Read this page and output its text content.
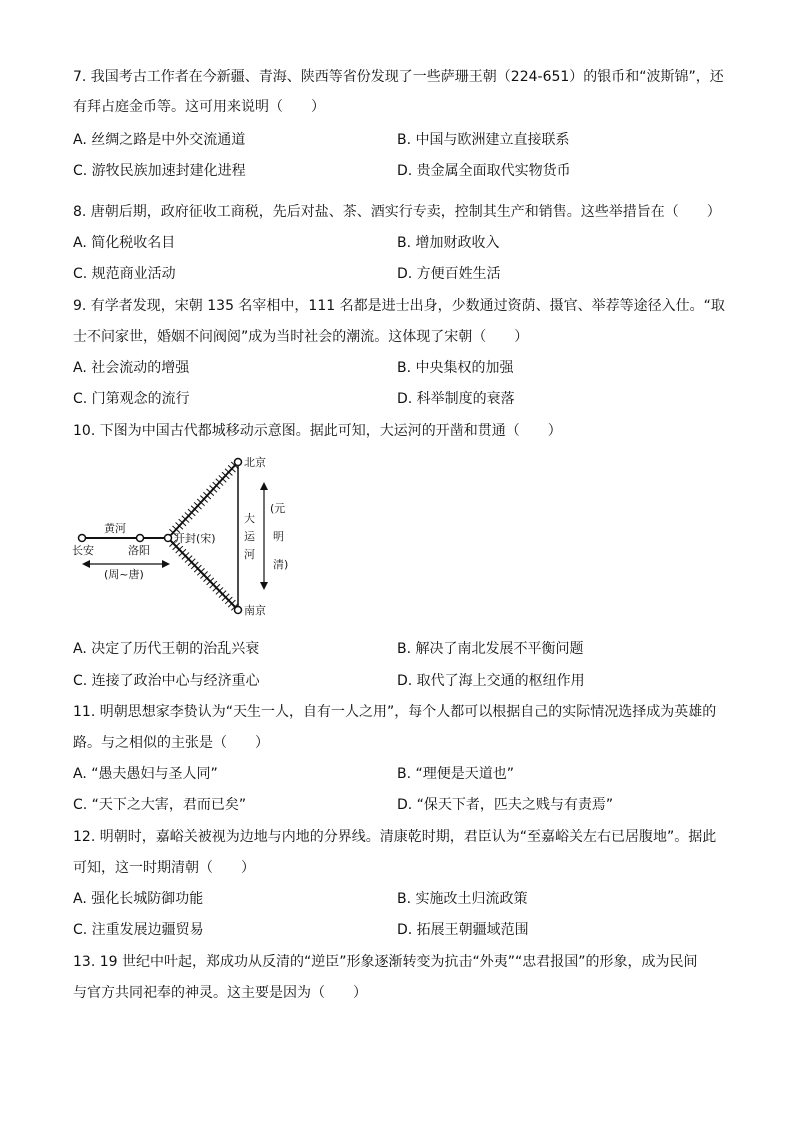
7. 我国考古工作者在今新疆、青海、陕西等省份发现了一些萨珊王朝（224-651）的银币和“波斯锦”，还
有拜占庭金币等。这可用来说明（　　）
A. 丝绸之路是中外交流通道	B. 中国与欧洲建立直接联系
C. 游牧民族加速封建化进程	D. 贵金属全面取代实物货币
8. 唐朝后期，政府征收工商税，先后对盐、茶、酒实行专卖，控制其生产和销售。这些举措旨在（　　）
A. 简化税收名目	B. 增加财政收入
C. 规范商业活动	D. 方便百姓生活
9. 有学者发现，宋朝 135 名宰相中，111 名都是进士出身，少数通过资荫、摄官、举荐等途径入仕。“取
士不问家世，婚姻不问阀阅”成为当时社会的潮流。这体现了宋朝（　　）
A. 社会流动的增强	B. 中央集权的加强
C. 门第观念的流行	D. 科举制度的衰落
10. 下图为中国古代都城移动示意图。据此可知，大运河的开凿和贯通（　　）
北京
南京
开封(宋)
长安	洛阳
黄河
(周~唐)
大
运
河
(元
明
清)
A. 决定了历代王朝的治乱兴衰	B. 解决了南北发展不平衡问题
C. 连接了政治中心与经济重心	D. 取代了海上交通的枢纽作用
11. 明朝思想家李贽认为“天生一人，自有一人之用”，每个人都可以根据自己的实际情况选择成为英雄的
路。与之相似的主张是（　　）
A. “愚夫愚妇与圣人同”	B. “理便是天道也”
C. “天下之大害，君而已矣”	D. “保天下者，匹夫之贱与有责焉”
12. 明朝时，嘉峪关被视为边地与内地的分界线。清康乾时期，君臣认为“至嘉峪关左右已居腹地”。据此
可知，这一时期清朝（　　）
A. 强化长城防御功能	B. 实施改土归流政策
C. 注重发展边疆贸易	D. 拓展王朝疆域范围
13. 19 世纪中叶起，郑成功从反清的“逆臣”形象逐渐转变为抗击“外夷”“忠君报国”的形象，成为民间
与官方共同祀奉的神灵。这主要是因为（　　）
